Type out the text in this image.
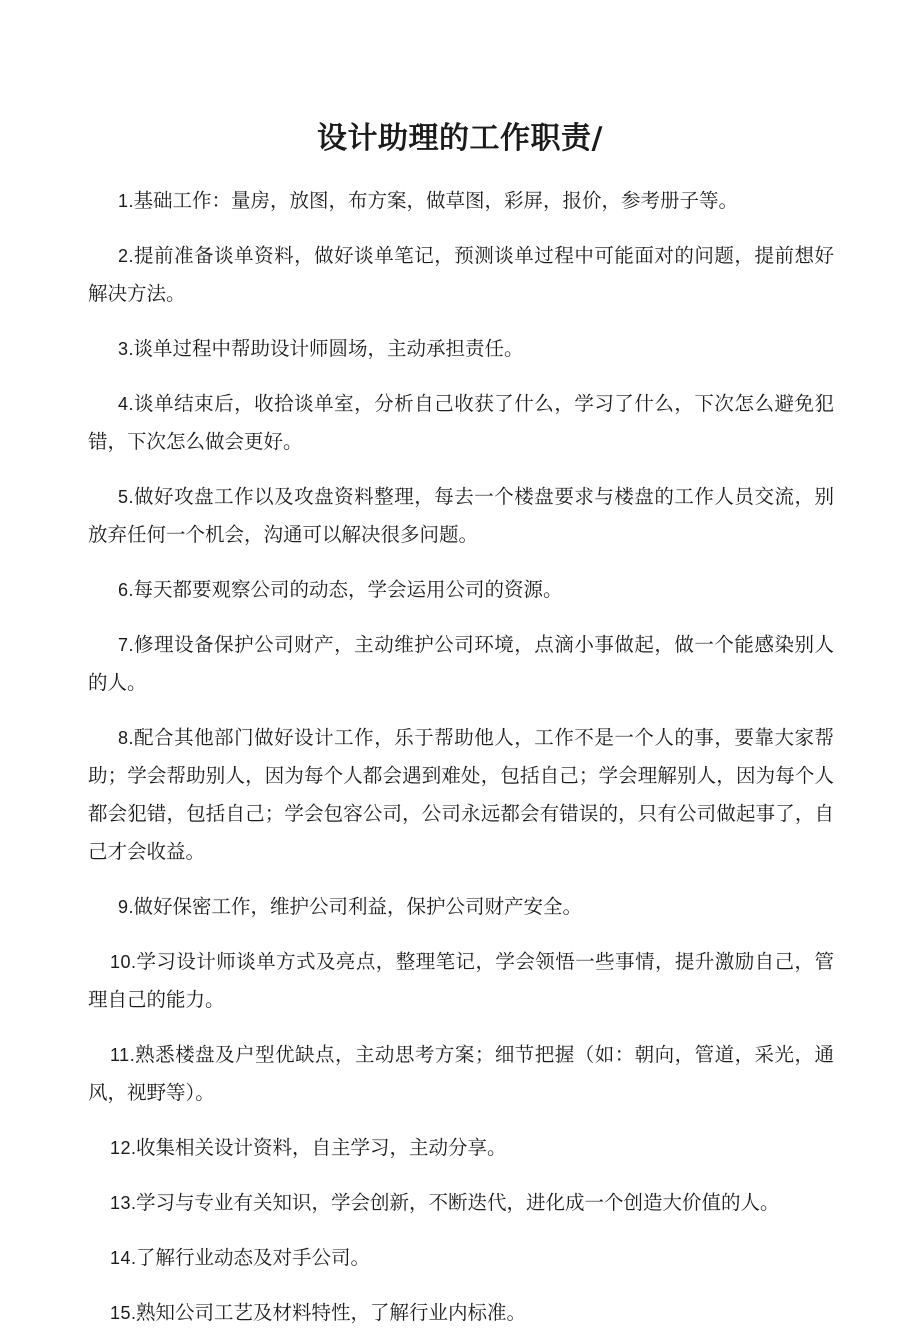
设计助理的工作职责/

1.基础工作：量房，放图，布方案，做草图，彩屏，报价，参考册子等。

2.提前准备谈单资料，做好谈单笔记，预测谈单过程中可能面对的问题，提前想好解决方法。

3.谈单过程中帮助设计师圆场，主动承担责任。

4.谈单结束后，收拾谈单室，分析自己收获了什么，学习了什么，下次怎么避免犯错，下次怎么做会更好。

5.做好攻盘工作以及攻盘资料整理，每去一个楼盘要求与楼盘的工作人员交流，别放弃任何一个机会，沟通可以解决很多问题。

6.每天都要观察公司的动态，学会运用公司的资源。

7.修理设备保护公司财产，主动维护公司环境，点滴小事做起，做一个能感染别人的人。

8.配合其他部门做好设计工作，乐于帮助他人，工作不是一个人的事，要靠大家帮助；学会帮助别人，因为每个人都会遇到难处，包括自己；学会理解别人，因为每个人都会犯错，包括自己；学会包容公司，公司永远都会有错误的，只有公司做起事了，自己才会收益。

9.做好保密工作，维护公司利益，保护公司财产安全。

10.学习设计师谈单方式及亮点，整理笔记，学会领悟一些事情，提升激励自己，管理自己的能力。

11.熟悉楼盘及户型优缺点，主动思考方案；细节把握（如：朝向，管道，采光，通风，视野等）。

12.收集相关设计资料，自主学习，主动分享。

13.学习与专业有关知识，学会创新，不断迭代，进化成一个创造大价值的人。

14.了解行业动态及对手公司。

15.熟知公司工艺及材料特性，了解行业内标准。
